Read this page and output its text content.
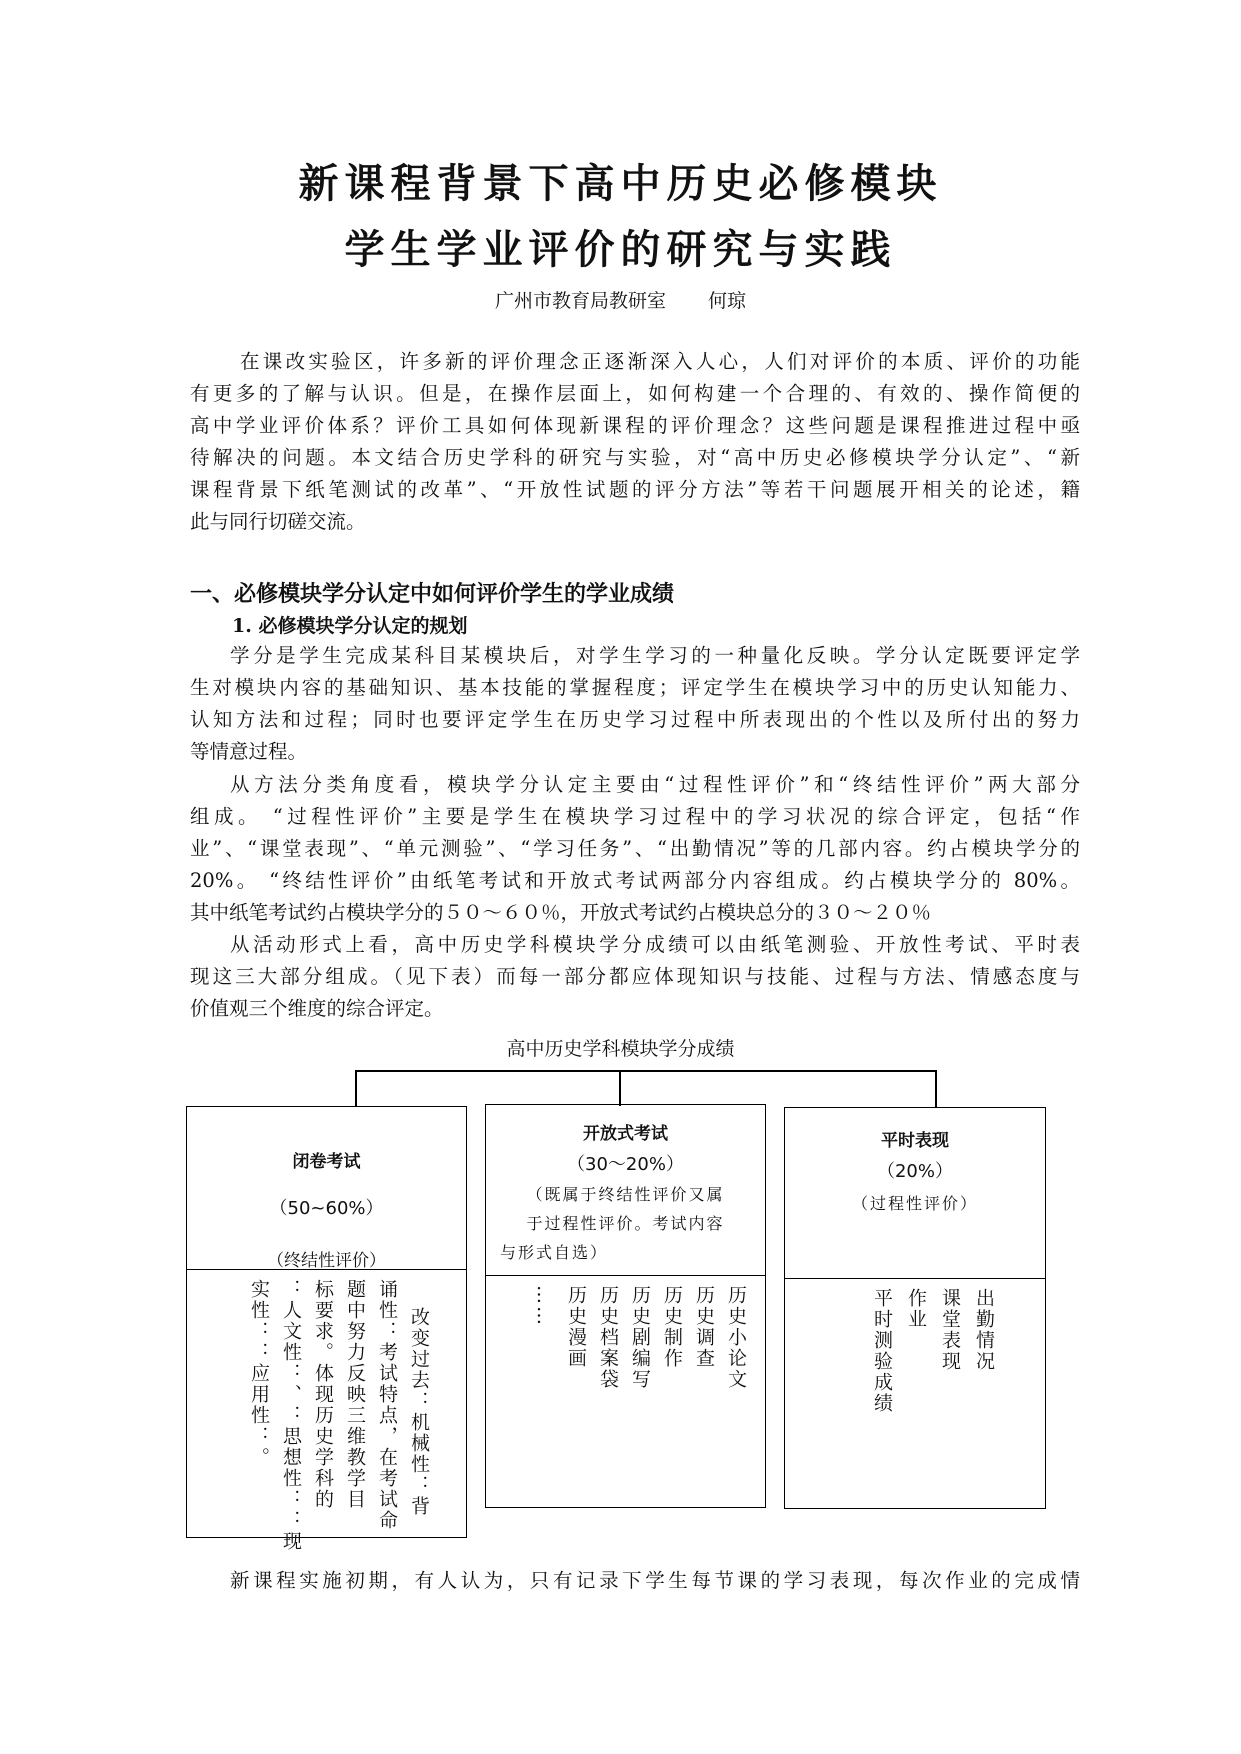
新课程背景下高中历史必修模块
学生学业评价的研究与实践
广州市教育局教研室 何琼
在课改实验区，许多新的评价理念正逐渐深入人心，人们对评价的本质、评价的功能
有更多的了解与认识。但是，在操作层面上，如何构建一个合理的、有效的、操作简便的
高中学业评价体系？评价工具如何体现新课程的评价理念？这些问题是课程推进过程中亟
待解决的问题。本文结合历史学科的研究与实验，对“高中历史必修模块学分认定”、“新
课程背景下纸笔测试的改革”、“开放性试题的评分方法”等若干问题展开相关的论述，籍
此与同行切磋交流。
一、必修模块学分认定中如何评价学生的学业成绩
1. 必修模块学分认定的规划
学分是学生完成某科目某模块后，对学生学习的一种量化反映。学分认定既要评定学
生对模块内容的基础知识、基本技能的掌握程度；评定学生在模块学习中的历史认知能力、
认知方法和过程；同时也要评定学生在历史学习过程中所表现出的个性以及所付出的努力
等情意过程。
从方法分类角度看，模块学分认定主要由“过程性评价”和“终结性评价”两大部分
组成。 “过程性评价”主要是学生在模块学习过程中的学习状况的综合评定，包括“作
业”、“课堂表现”、“单元测验”、“学习任务”、“出勤情况”等的几部内容。约占模块学分的
20%。 “终结性评价”由纸笔考试和开放式考试两部分内容组成。约占模块学分的 80%。
其中纸笔考试约占模块学分的５０～６０％，开放式考试约占模块总分的３０～２０％
从活动形式上看，高中历史学科模块学分成绩可以由纸笔测验、开放性考试、平时表
现这三大部分组成。（见下表）而每一部分都应体现知识与技能、过程与方法、情感态度与
价值观三个维度的综合评定。
高中历史学科模块学分成绩
闭卷考试
（50~60%）
（终结性评价）
改变过去：机械性：背
诵性：考试特点，在考试命
题中努力反映三维教学目
标要求。体现历史学科的
：人文性：、：思想性：：现
实性：：应用性：。
开放式考试
（30～20%）
（既属于终结性评价又属
于过程性评价。考试内容
与形式自选）
历史小论文
历史调查
历史制作
历史剧编写
历史档案袋
历史漫画
……
平时表现
（20%）
（过程性评价）
出勤情况
课堂表现
作业
平时测验成绩
新课程实施初期，有人认为，只有记录下学生每节课的学习表现，每次作业的完成情
